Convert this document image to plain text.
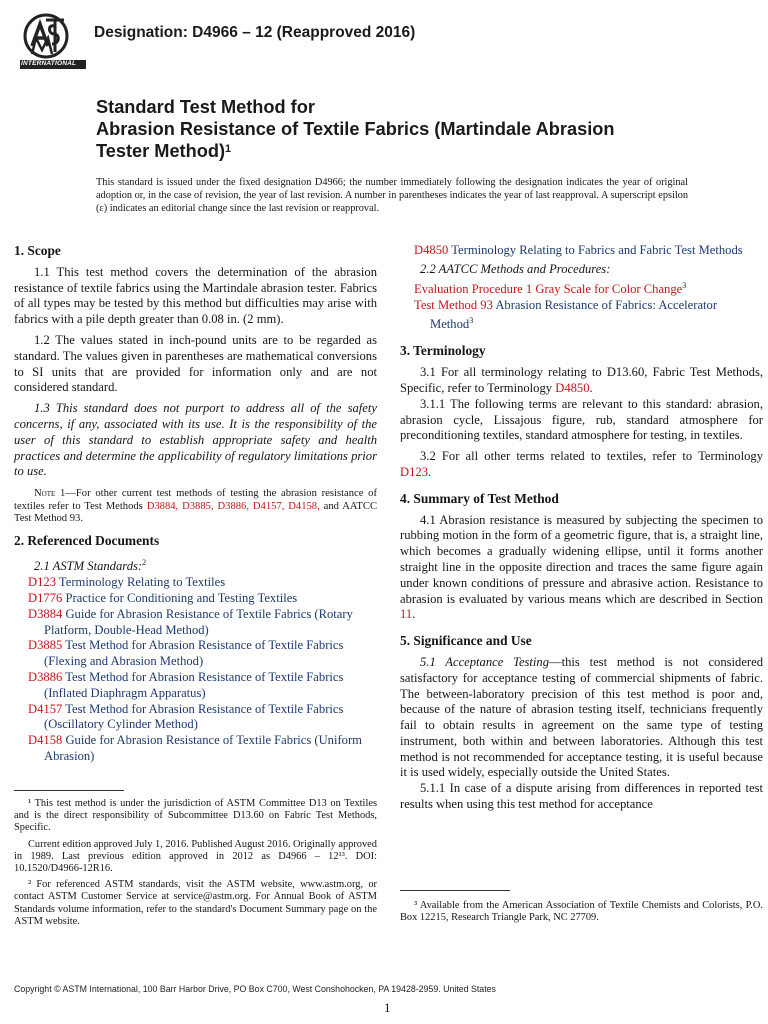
INTERNATIONAL
Designation: D4966 – 12 (Reapproved 2016)
Standard Test Method for
Abrasion Resistance of Textile Fabrics (Martindale Abrasion
Tester Method)$^1$
This standard is issued under the fixed designation D4966; the number immediately following the designation indicates the year of original adoption or, in the case of revision, the year of last revision. A number in parentheses indicates the year of last reapproval. A superscript epsilon (ε) indicates an editorial change since the last revision or reapproval.

1. Scope

1.1 This test method covers the determination of the abrasion resistance of textile fabrics using the Martindale abrasion tester. Fabrics of all types may be tested by this method but difficulties may arise with fabrics with a pile depth greater than 0.08 in. (2 mm).

1.2 The values stated in inch-pound units are to be regarded as standard. The values given in parentheses are mathematical conversions to SI units that are provided for information only and are not considered standard.

1.3 This standard does not purport to address all of the safety concerns, if any, associated with its use. It is the responsibility of the user of this standard to establish appropriate safety and health practices and determine the applicability of regulatory limitations prior to use.

Note 1—For other current test methods of testing the abrasion resistance of textiles refer to Test Methods D3884, D3885, D3886, D4157, D4158, and AATCC Test Method 93.

2. Referenced Documents

2.1 ASTM Standards:$^2$

D123 Terminology Relating to Textiles

D1776 Practice for Conditioning and Testing Textiles

D3884 Guide for Abrasion Resistance of Textile Fabrics (Rotary Platform, Double-Head Method)

D3885 Test Method for Abrasion Resistance of Textile Fabrics (Flexing and Abrasion Method)

D3886 Test Method for Abrasion Resistance of Textile Fabrics (Inflated Diaphragm Apparatus)

D4157 Test Method for Abrasion Resistance of Textile Fabrics (Oscillatory Cylinder Method)

D4158 Guide for Abrasion Resistance of Textile Fabrics (Uniform Abrasion)

¹ This test method is under the jurisdiction of ASTM Committee D13 on Textiles and is the direct responsibility of Subcommittee D13.60 on Fabric Test Methods, Specific.

Current edition approved July 1, 2016. Published August 2016. Originally approved in 1989. Last previous edition approved in 2012 as D4966 – 12¹³. DOI: 10.1520/D4966-12R16.

² For referenced ASTM standards, visit the ASTM website, www.astm.org, or contact ASTM Customer Service at service@astm.org. For Annual Book of ASTM Standards volume information, refer to the standard's Document Summary page on the ASTM website.

D4850 Terminology Relating to Fabrics and Fabric Test Methods

2.2 AATCC Methods and Procedures:

Evaluation Procedure 1 Gray Scale for Color Change$^3$

Test Method 93 Abrasion Resistance of Fabrics: Accelerator Method$^3$

3. Terminology

3.1 For all terminology relating to D13.60, Fabric Test Methods, Specific, refer to Terminology D4850.

3.1.1 The following terms are relevant to this standard: abrasion, abrasion cycle, Lissajous figure, rub, standard atmosphere for preconditioning textiles, standard atmosphere for testing, in textiles.

3.2 For all other terms related to textiles, refer to Terminology D123.

4. Summary of Test Method

4.1 Abrasion resistance is measured by subjecting the specimen to rubbing motion in the form of a geometric figure, that is, a straight line, which becomes a gradually widening ellipse, until it forms another straight line in the opposite direction and traces the same figure again under known conditions of pressure and abrasive action. Resistance to abrasion is evaluated by various means which are described in Section 11.

5. Significance and Use

5.1 Acceptance Testing—this test method is not considered satisfactory for acceptance testing of commercial shipments of fabric. The between-laboratory precision of this test method is poor and, because of the nature of abrasion testing itself, technicians frequently fail to obtain results in agreement on the same type of testing instrument, both within and between laboratories. Although this test method is not recommended for acceptance testing, it is useful because it is used widely, especially outside the United States.

5.1.1 In case of a dispute arising from differences in reported test results when using this test method for acceptance

³ Available from the American Association of Textile Chemists and Colorists, P.O. Box 12215, Research Triangle Park, NC 27709.

Copyright © ASTM International, 100 Barr Harbor Drive, PO Box C700, West Conshohocken, PA 19428-2959. United States
1
